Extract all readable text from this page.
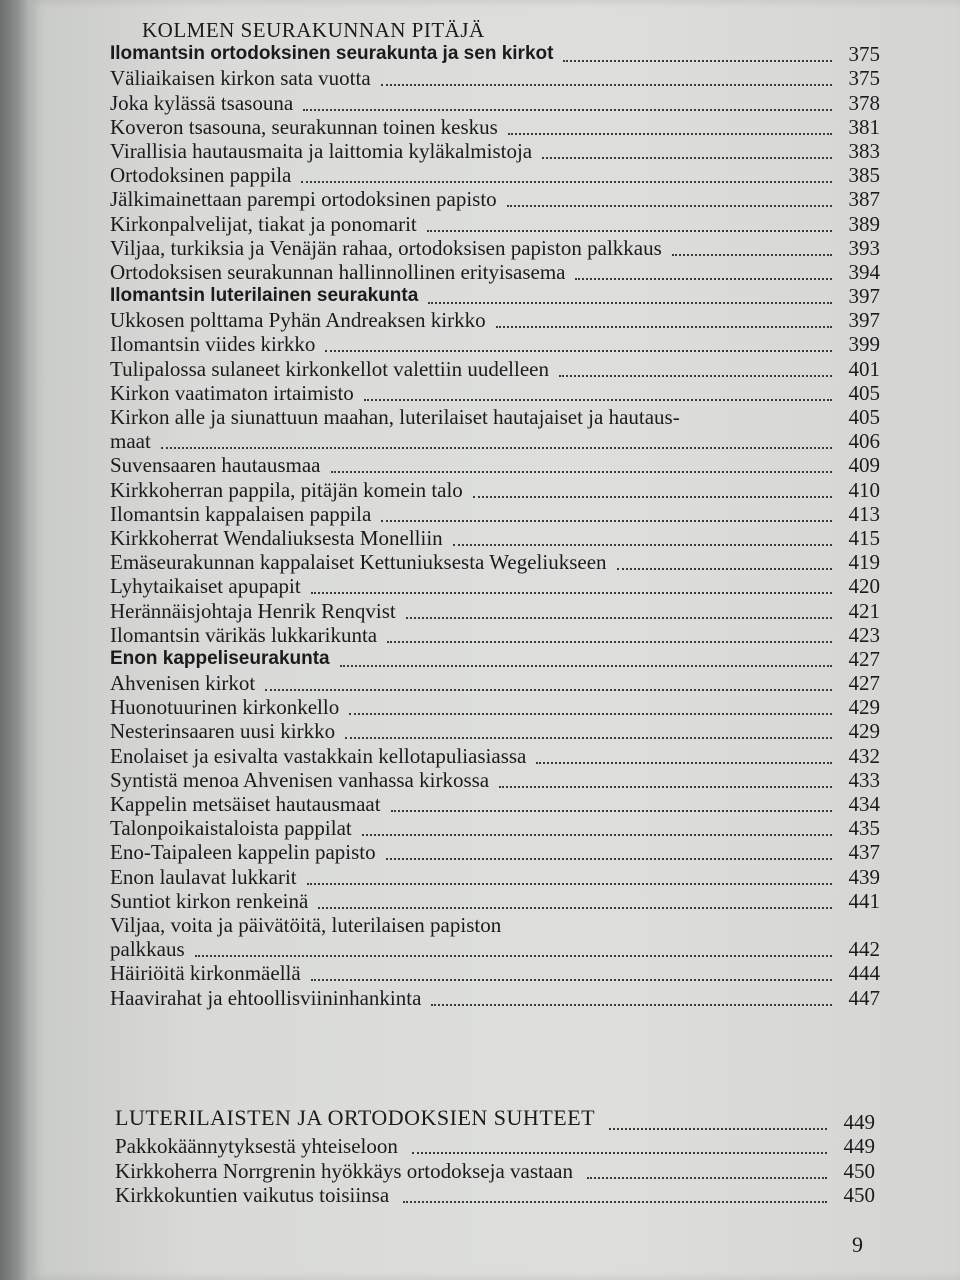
KOLMEN SEURAKUNNAN PITÄJÄ
Ilomantsin ortodoksinen seurakunta ja sen kirkot	375
Väliaikaisen kirkon sata vuotta	375
Joka kylässä tsasouna	378
Koveron tsasouna, seurakunnan toinen keskus	381
Virallisia hautausmaita ja laittomia kyläkalmistoja	383
Ortodoksinen pappila	385
Jälkimainettaan parempi ortodoksinen papisto	387
Kirkonpalvelijat, tiakat ja ponomarit	389
Viljaa, turkiksia ja Venäjän rahaa, ortodoksisen papiston palkkaus	393
Ortodoksisen seurakunnan hallinnollinen erityisasema	394
Ilomantsin luterilainen seurakunta	397
Ukkosen polttama Pyhän Andreaksen kirkko	397
Ilomantsin viides kirkko	399
Tulipalossa sulaneet kirkonkellot valettiin uudelleen	401
Kirkon vaatimaton irtaimisto	405
Kirkon alle ja siunattuun maahan, luterilaiset hautajaiset ja hautaus-	405
maat	406
Suvensaaren hautausmaa	409
Kirkkoherran pappila, pitäjän komein talo	410
Ilomantsin kappalaisen pappila	413
Kirkkoherrat Wendaliuksesta Monelliin	415
Emäseurakunnan kappalaiset Kettuniuksesta Wegeliukseen	419
Lyhytaikaiset apupapit	420
Herännäisjohtaja Henrik Renqvist	421
Ilomantsin värikäs lukkarikunta	423
Enon kappeliseurakunta	427
Ahvenisen kirkot	427
Huonotuurinen kirkonkello	429
Nesterinsaaren uusi kirkko	429
Enolaiset ja esivalta vastakkain kellotapuliasiassa	432
Syntistä menoa Ahvenisen vanhassa kirkossa	433
Kappelin metsäiset hautausmaat	434
Talonpoikaistaloista pappilat	435
Eno-Taipaleen kappelin papisto	437
Enon laulavat lukkarit	439
Suntiot kirkon renkeinä	441
Viljaa, voita ja päivätöitä, luterilaisen papiston
palkkaus	442
Häiriöitä kirkonmäellä	444
Haavirahat ja ehtoollisviininhankinta	447
LUTERILAISTEN JA ORTODOKSIEN SUHTEET	449
Pakkokäännytyksestä yhteiseloon	449
Kirkkoherra Norrgrenin hyökkäys ortodokseja vastaan	450
Kirkkokuntien vaikutus toisiinsa	450
9
